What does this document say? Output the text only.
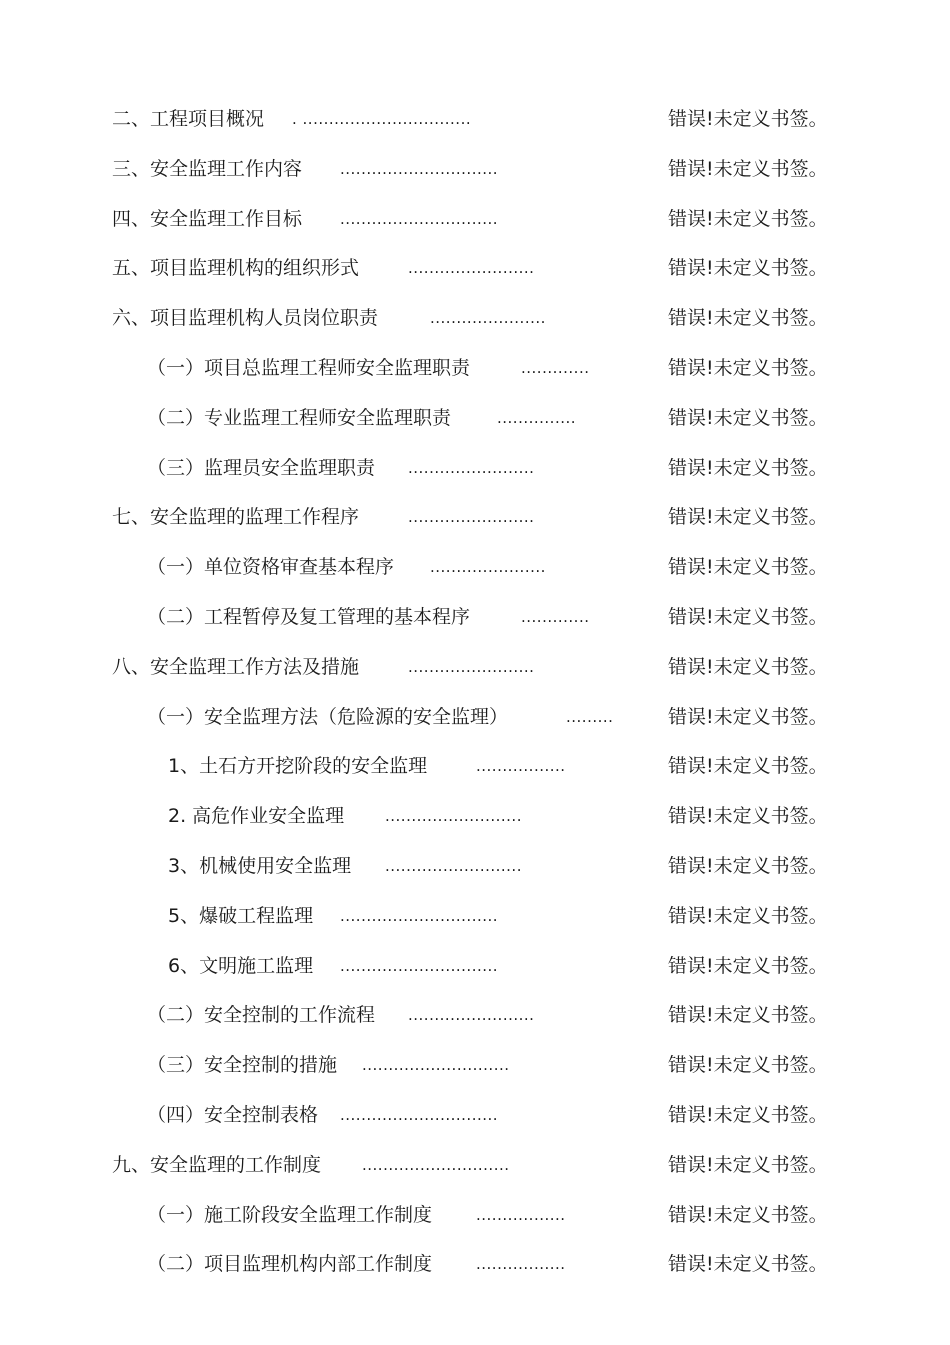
二、工程项目概况 . ................................	错误!未定义书签。
三、安全监理工作内容	..............................	错误!未定义书签。
四、安全监理工作目标	..............................	错误!未定义书签。
五、项目监理机构的组织形式	........................	错误!未定义书签。
六、项目监理机构人员岗位职责	......................	错误!未定义书签。
（一）项目总监理工程师安全监理职责	.............	错误!未定义书签。
（二）专业监理工程师安全监理职责	...............	错误!未定义书签。
（三）监理员安全监理职责 ........................	错误!未定义书签。
七、安全监理的监理工作程序	........................	错误!未定义书签。
（一）单位资格审查基本程序 ......................	错误!未定义书签。
（二）工程暂停及复工管理的基本程序	.............	错误!未定义书签。
八、安全监理工作方法及措施	........................	错误!未定义书签。
（一）安全监理方法（危险源的安全监理）	.........	错误!未定义书签。
1、土石方开挖阶段的安全监理	.................	错误!未定义书签。
2. 高危作业安全监理	..........................	错误!未定义书签。
3、机械使用安全监理 ..........................	错误!未定义书签。
5、爆破工程监理 ..............................	错误!未定义书签。
6、文明施工监理 ..............................	错误!未定义书签。
（二）安全控制的工作流程 ........................	错误!未定义书签。
（三）安全控制的措施 ............................	错误!未定义书签。
（四）安全控制表格 ..............................	错误!未定义书签。
九、安全监理的工作制度	............................	错误!未定义书签。
（一）施工阶段安全监理工作制度	.................	错误!未定义书签。
（二）项目监理机构内部工作制度	.................	错误!未定义书签。
